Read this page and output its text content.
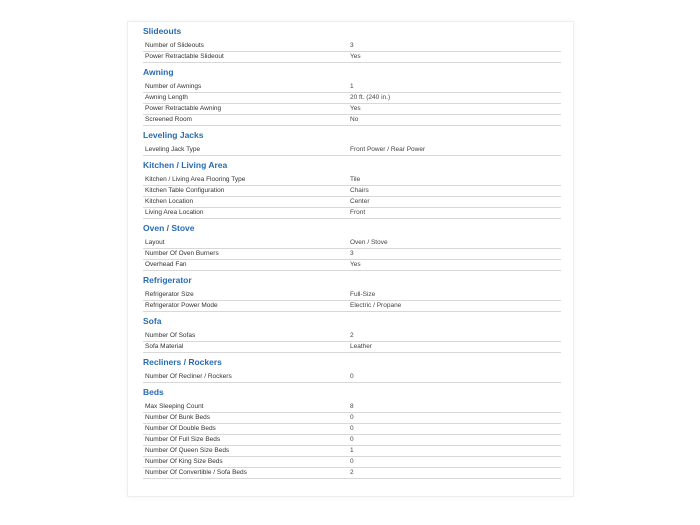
Slideouts
Number of Slideouts	3
Power Retractable Slideout	Yes
Awning
Number of Awnings	1
Awning Length	20 ft. (240 in.)
Power Retractable Awning	Yes
Screened Room	No
Leveling Jacks
Leveling Jack Type	Front Power / Rear Power
Kitchen / Living Area
Kitchen / Living Area Flooring Type	Tile
Kitchen Table Configuration	Chairs
Kitchen Location	Center
Living Area Location	Front
Oven / Stove
Layout	Oven / Stove
Number Of Oven Burners	3
Overhead Fan	Yes
Refrigerator
Refrigerator Size	Full-Size
Refrigerator Power Mode	Electric / Propane
Sofa
Number Of Sofas	2
Sofa Material	Leather
Recliners / Rockers
Number Of Recliner / Rockers	0
Beds
Max Sleeping Count	8
Number Of Bunk Beds	0
Number Of Double Beds	0
Number Of Full Size Beds	0
Number Of Queen Size Beds	1
Number Of King Size Beds	0
Number Of Convertible / Sofa Beds	2
